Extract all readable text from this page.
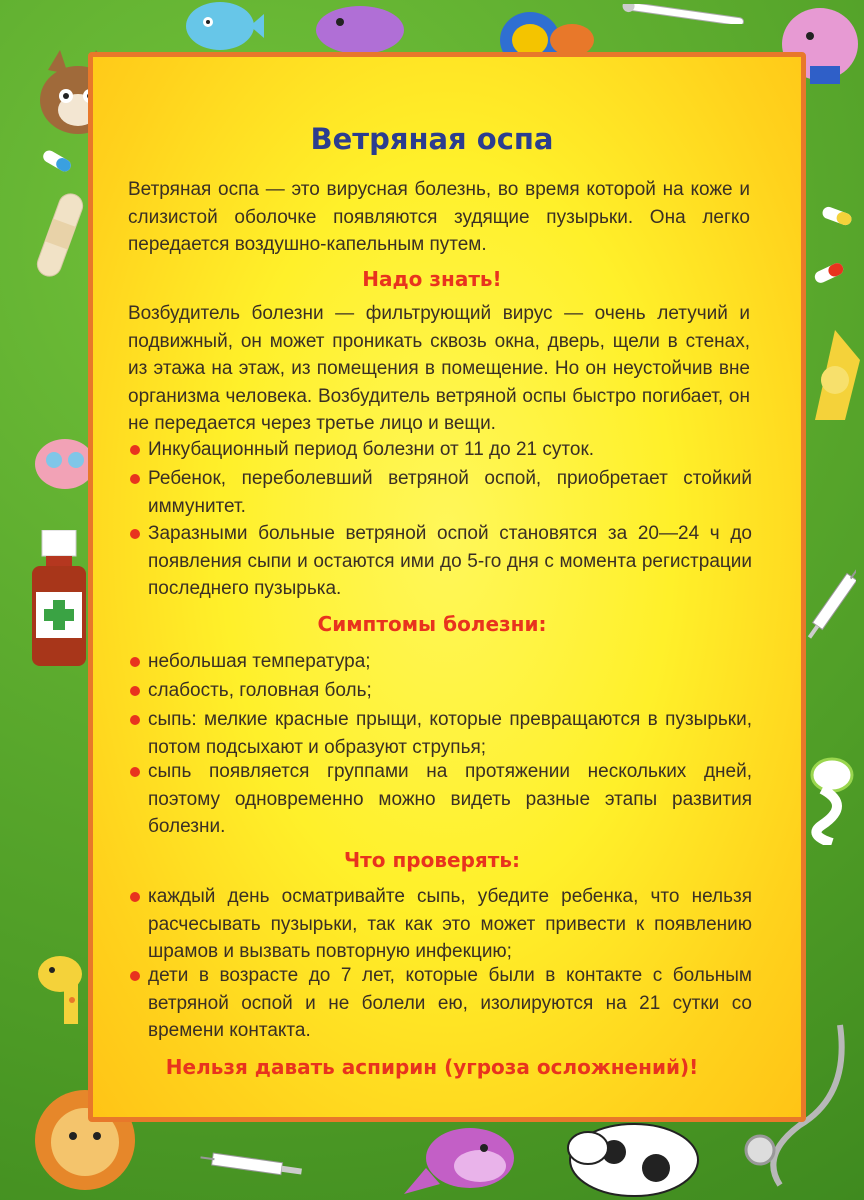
Ветряная оспа
Ветряная оспа — это вирусная болезнь, во время которой на коже и слизистой оболочке появляются зудящие пузырьки. Она легко передается воздушно-капельным путем.
Надо знать!
Возбудитель болезни — фильтрующий вирус — очень летучий и подвижный, он может проникать сквозь окна, дверь, щели в стенах, из этажа на этаж, из помещения в помещение. Но он неустойчив вне организма человека. Возбудитель ветряной оспы быстро погибает, он не передается через третье лицо и вещи.
Инкубационный период болезни от 11 до 21 суток.
Ребенок, переболевший ветряной оспой, приобретает стойкий иммунитет.
Заразными больные ветряной оспой становятся за 20—24 ч до появления сыпи и остаются ими до 5-го дня с момента регистрации последнего пузырька.
Симптомы болезни:
небольшая температура;
слабость, головная боль;
сыпь: мелкие красные прыщи, которые превращаются в пузырьки, потом подсыхают и образуют струпья;
сыпь появляется группами на протяжении нескольких дней, поэтому одновременно можно видеть разные этапы развития болезни.
Что проверять:
каждый день осматривайте сыпь, убедите ребенка, что нельзя расчесывать пузырьки, так как это может привести к появлению шрамов и вызвать повторную инфекцию;
дети в возрасте до 7 лет, которые были в контакте с больным ветряной оспой и не болели ею, изолируются на 21 сутки со времени контакта.
Нельзя давать аспирин (угроза осложнений)!
